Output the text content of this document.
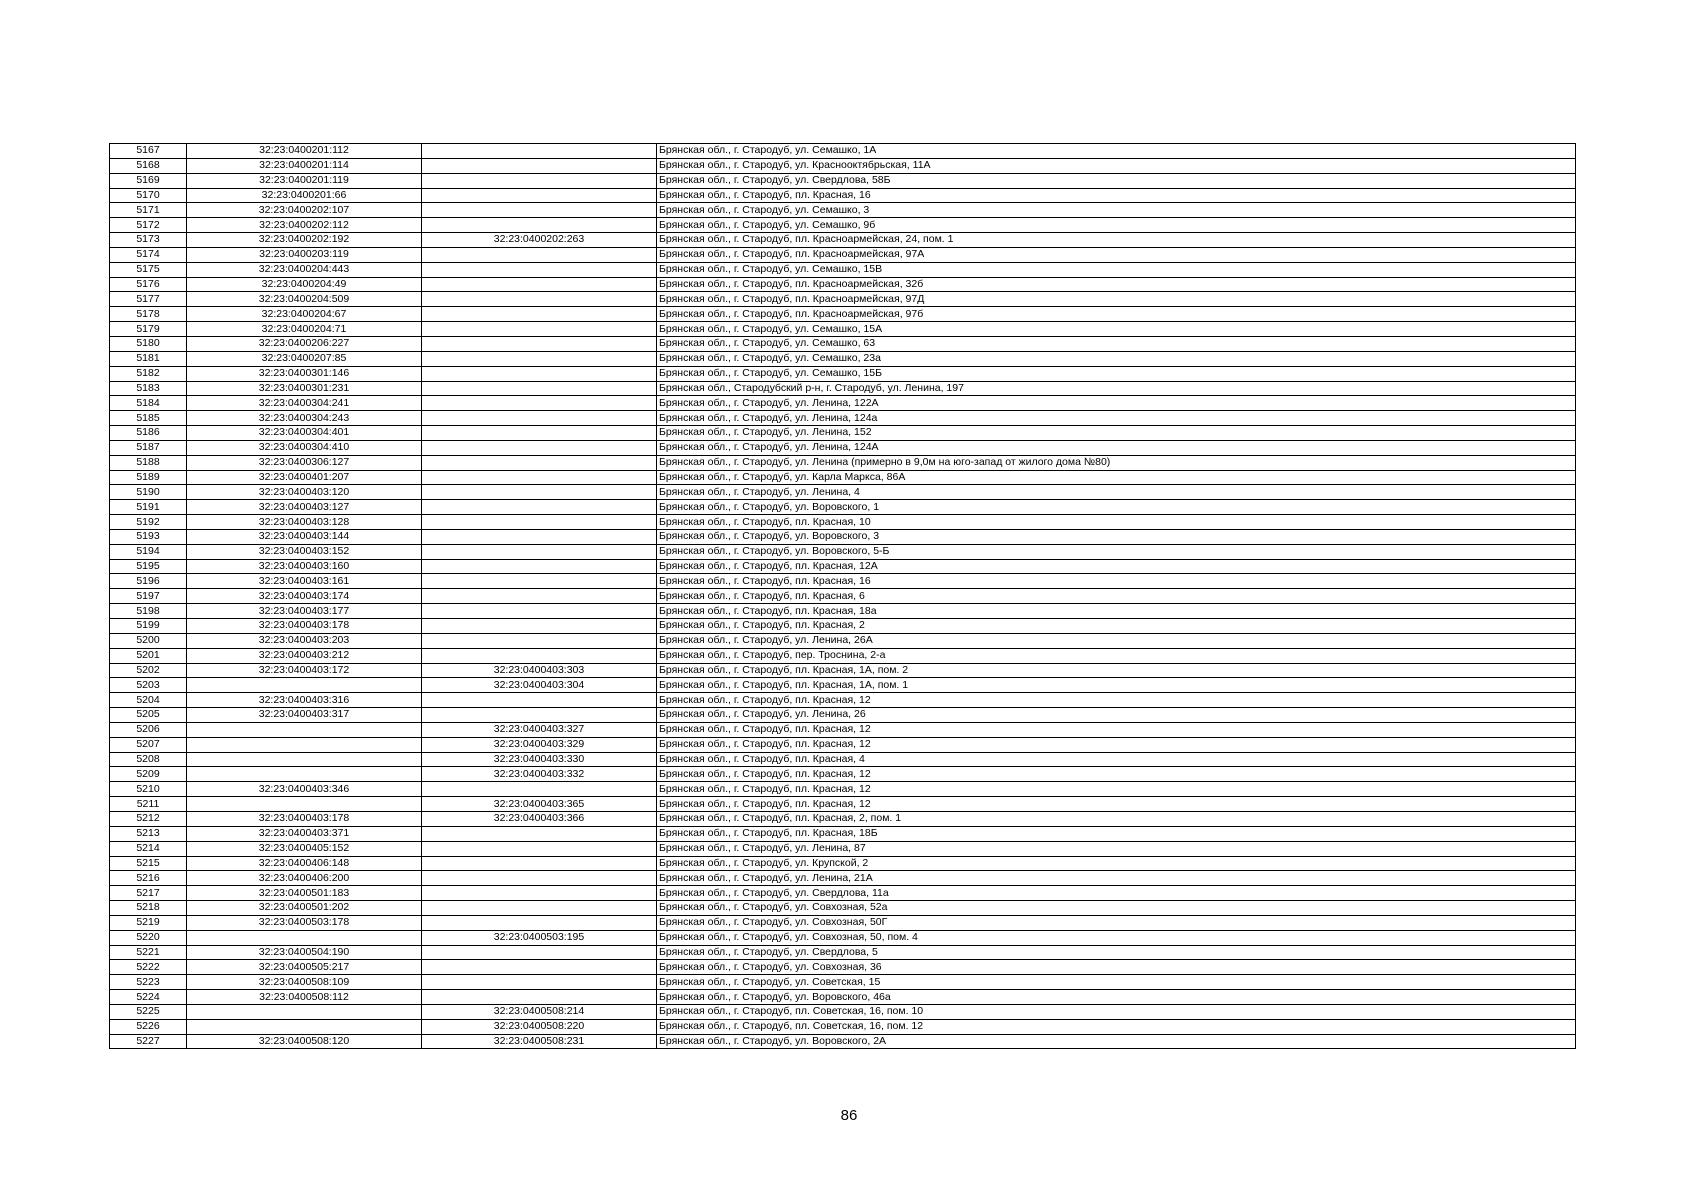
5167	32:23:0400201:112		Брянская обл., г. Стародуб, ул. Семашко, 1А
5168	32:23:0400201:114		Брянская обл., г. Стародуб, ул. Краснооктябрьская, 11А
5169	32:23:0400201:119		Брянская обл., г. Стародуб, ул. Свердлова, 58Б
5170	32:23:0400201:66		Брянская обл., г. Стародуб, пл. Красная, 16
5171	32:23:0400202:107		Брянская обл., г. Стародуб, ул. Семашко, 3
5172	32:23:0400202:112		Брянская обл., г. Стародуб, ул. Семашко, 9б
5173	32:23:0400202:192	32:23:0400202:263	Брянская обл., г. Стародуб, пл. Красноармейская, 24, пом. 1
5174	32:23:0400203:119		Брянская обл., г. Стародуб, пл. Красноармейская, 97А
5175	32:23:0400204:443		Брянская обл., г. Стародуб, ул. Семашко, 15В
5176	32:23:0400204:49		Брянская обл., г. Стародуб, пл. Красноармейская, 32б
5177	32:23:0400204:509		Брянская обл., г. Стародуб, пл. Красноармейская, 97Д
5178	32:23:0400204:67		Брянская обл., г. Стародуб, пл. Красноармейская, 97б
5179	32:23:0400204:71		Брянская обл., г. Стародуб, ул. Семашко, 15А
5180	32:23:0400206:227		Брянская обл., г. Стародуб, ул. Семашко, 63
5181	32:23:0400207:85		Брянская обл., г. Стародуб, ул. Семашко, 23а
5182	32:23:0400301:146		Брянская обл., г. Стародуб, ул. Семашко, 15Б
5183	32:23:0400301:231		Брянская обл., Стародубский р-н, г. Стародуб, ул. Ленина, 197
5184	32:23:0400304:241		Брянская обл., г. Стародуб, ул. Ленина, 122А
5185	32:23:0400304:243		Брянская обл., г. Стародуб, ул. Ленина, 124а
5186	32:23:0400304:401		Брянская обл., г. Стародуб, ул. Ленина, 152
5187	32:23:0400304:410		Брянская обл., г. Стародуб, ул. Ленина, 124А
5188	32:23:0400306:127		Брянская обл., г. Стародуб, ул. Ленина (примерно в 9,0м на юго-запад от жилого дома №80)
5189	32:23:0400401:207		Брянская обл., г. Стародуб, ул. Карла Маркса, 86А
5190	32:23:0400403:120		Брянская обл., г. Стародуб, ул. Ленина, 4
5191	32:23:0400403:127		Брянская обл., г. Стародуб, ул. Воровского, 1
5192	32:23:0400403:128		Брянская обл., г. Стародуб, пл. Красная, 10
5193	32:23:0400403:144		Брянская обл., г. Стародуб, ул. Воровского, 3
5194	32:23:0400403:152		Брянская обл., г. Стародуб, ул. Воровского, 5-Б
5195	32:23:0400403:160		Брянская обл., г. Стародуб, пл. Красная, 12А
5196	32:23:0400403:161		Брянская обл., г. Стародуб, пл. Красная, 16
5197	32:23:0400403:174		Брянская обл., г. Стародуб, пл. Красная, 6
5198	32:23:0400403:177		Брянская обл., г. Стародуб, пл. Красная, 18а
5199	32:23:0400403:178		Брянская обл., г. Стародуб, пл. Красная, 2
5200	32:23:0400403:203		Брянская обл., г. Стародуб, ул. Ленина, 26А
5201	32:23:0400403:212		Брянская обл., г. Стародуб, пер. Троснина, 2-а
5202	32:23:0400403:172	32:23:0400403:303	Брянская обл., г. Стародуб, пл. Красная, 1А, пом. 2
5203		32:23:0400403:304	Брянская обл., г. Стародуб, пл. Красная, 1А, пом. 1
5204	32:23:0400403:316		Брянская обл., г. Стародуб, пл. Красная, 12
5205	32:23:0400403:317		Брянская обл., г. Стародуб, ул. Ленина, 26
5206		32:23:0400403:327	Брянская обл., г. Стародуб, пл. Красная, 12
5207		32:23:0400403:329	Брянская обл., г. Стародуб, пл. Красная, 12
5208		32:23:0400403:330	Брянская обл., г. Стародуб, пл. Красная, 4
5209		32:23:0400403:332	Брянская обл., г. Стародуб, пл. Красная, 12
5210	32:23:0400403:346		Брянская обл., г. Стародуб, пл. Красная, 12
5211		32:23:0400403:365	Брянская обл., г. Стародуб, пл. Красная, 12
5212	32:23:0400403:178	32:23:0400403:366	Брянская обл., г. Стародуб, пл. Красная, 2, пом. 1
5213	32:23:0400403:371		Брянская обл., г. Стародуб, пл. Красная, 18Б
5214	32:23:0400405:152		Брянская обл., г. Стародуб, ул. Ленина, 87
5215	32:23:0400406:148		Брянская обл., г. Стародуб, ул. Крупской, 2
5216	32:23:0400406:200		Брянская обл., г. Стародуб, ул. Ленина, 21А
5217	32:23:0400501:183		Брянская обл., г. Стародуб, ул. Свердлова, 11а
5218	32:23:0400501:202		Брянская обл., г. Стародуб, ул. Совхозная, 52а
5219	32:23:0400503:178		Брянская обл., г. Стародуб, ул. Совхозная, 50Г
5220		32:23:0400503:195	Брянская обл., г. Стародуб, ул. Совхозная, 50, пом. 4
5221	32:23:0400504:190		Брянская обл., г. Стародуб, ул. Свердлова, 5
5222	32:23:0400505:217		Брянская обл., г. Стародуб, ул. Совхозная, 36
5223	32:23:0400508:109		Брянская обл., г. Стародуб, ул. Советская, 15
5224	32:23:0400508:112		Брянская обл., г. Стародуб, ул. Воровского, 46а
5225		32:23:0400508:214	Брянская обл., г. Стародуб, пл. Советская, 16, пом. 10
5226		32:23:0400508:220	Брянская обл., г. Стародуб, пл. Советская, 16, пом. 12
5227	32:23:0400508:120	32:23:0400508:231	Брянская обл., г. Стародуб, ул. Воровского, 2А
86
